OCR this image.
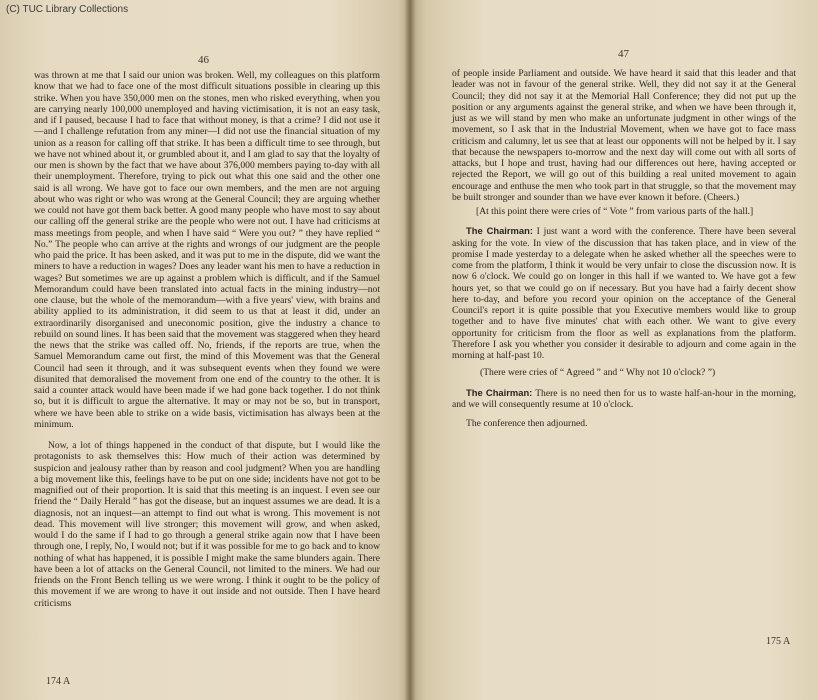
46

was thrown at me that I said our union was broken. Well, my colleagues on this platform know that we had to face one of the most difficult situations possible in clearing up this strike. When you have 350,000 men on the stones, men who risked everything, when you are carrying nearly 100,000 unemployed and having victimisation, it is not an easy task, and if I paused, because I had to face that without money, is that a crime? I did not use it—and I challenge refutation from any miner—I did not use the financial situation of my union as a reason for calling off that strike. It has been a difficult time to see through, but we have not whined about it, or grumbled about it, and I am glad to say that the loyalty of our men is shown by the fact that we have about 376,000 members paying to-day with all their unemployment. Therefore, trying to pick out what this one said and the other one said is all wrong. We have got to face our own members, and the men are not arguing about who was right or who was wrong at the General Council; they are arguing whether we could not have got them back better. A good many people who have most to say about our calling off the general strike are the people who were not out. I have had criticisms at mass meetings from people, and when I have said “ Were you out? ” they have replied “ No.” The people who can arrive at the rights and wrongs of our judgment are the people who paid the price. It has been asked, and it was put to me in the dispute, did we want the miners to have a reduction in wages? Does any leader want his men to have a reduction in wages? But sometimes we are up against a problem which is difficult, and if the Samuel Memorandum could have been translated into actual facts in the mining industry—not one clause, but the whole of the memorandum—with a five years' view, with brains and ability applied to its administration, it did seem to us that at least it did, under an extraordinarily disorganised and uneconomic position, give the industry a chance to rebuild on sound lines. It has been said that the movement was staggered when they heard the news that the strike was called off. No, friends, if the reports are true, when the Samuel Memorandum came out first, the mind of this Movement was that the General Council had seen it through, and it was subsequent events when they found we were disunited that demoralised the movement from one end of the country to the other. It is said a counter attack would have been made if we had gone back together. I do not think so, but it is difficult to argue the alternative. It may or may not be so, but in transport, where we have been able to strike on a wide basis, victimisation has always been at the minimum.

Now, a lot of things happened in the conduct of that dispute, but I would like the protagonists to ask themselves this: How much of their action was determined by suspicion and jealousy rather than by reason and cool judgment? When you are handling a big movement like this, feelings have to be put on one side; incidents have not got to be magnified out of their proportion. It is said that this meeting is an inquest. I even see our friend the “ Daily Herald ” has got the disease, but an inquest assumes we are dead. It is a diagnosis, not an inquest—an attempt to find out what is wrong. This movement is not dead. This movement will live stronger; this movement will grow, and when asked, would I do the same if I had to go through a general strike again now that I have been through one, I reply, No, I would not; but if it was possible for me to go back and to know nothing of what has happened, it is possible I might make the same blunders again. There have been a lot of attacks on the General Council, not limited to the miners. We had our friends on the Front Bench telling us we were wrong. I think it ought to be the policy of this movement if we are wrong to have it out inside and not outside. Then I have heard criticisms

174 A
47

of people inside Parliament and outside. We have heard it said that this leader and that leader was not in favour of the general strike. Well, they did not say it at the General Council; they did not say it at the Memorial Hall Conference; they did not put up the position or any arguments against the general strike, and when we have been through it, just as we will stand by men who make an unfortunate judgment in other wings of the movement, so I ask that in the Industrial Movement, when we have got to face mass criticism and calumny, let us see that at least our opponents will not be helped by it. I say that because the newspapers to-morrow and the next day will come out with all sorts of attacks, but I hope and trust, having had our differences out here, having accepted or rejected the Report, we will go out of this building a real united movement to again encourage and enthuse the men who took part in that struggle, so that the movement may be built stronger and sounder than we have ever known it before. (Cheers.)

[At this point there were cries of “ Vote ” from various parts of the hall.]

The Chairman: I just want a word with the conference. There have been several asking for the vote. In view of the discussion that has taken place, and in view of the promise I made yesterday to a delegate when he asked whether all the speeches were to come from the platform, I think it would be very unfair to close the discussion now. It is now 6 o'clock. We could go on longer in this hall if we wanted to. We have got a few hours yet, so that we could go on if necessary. But you have had a fairly decent show here to-day, and before you record your opinion on the acceptance of the General Council's report it is quite possible that you Executive members would like to group together and to have five minutes' chat with each other. We want to give every opportunity for criticism from the floor as well as explanations from the platform. Therefore I ask you whether you consider it desirable to adjourn and come again in the morning at half-past 10.

(There were cries of “ Agreed ” and “ Why not 10 o'clock? ”)

The Chairman: There is no need then for us to waste half-an-hour in the morning, and we will consequently resume at 10 o'clock.

The conference then adjourned.

175 A
(C) TUC Library Collections
